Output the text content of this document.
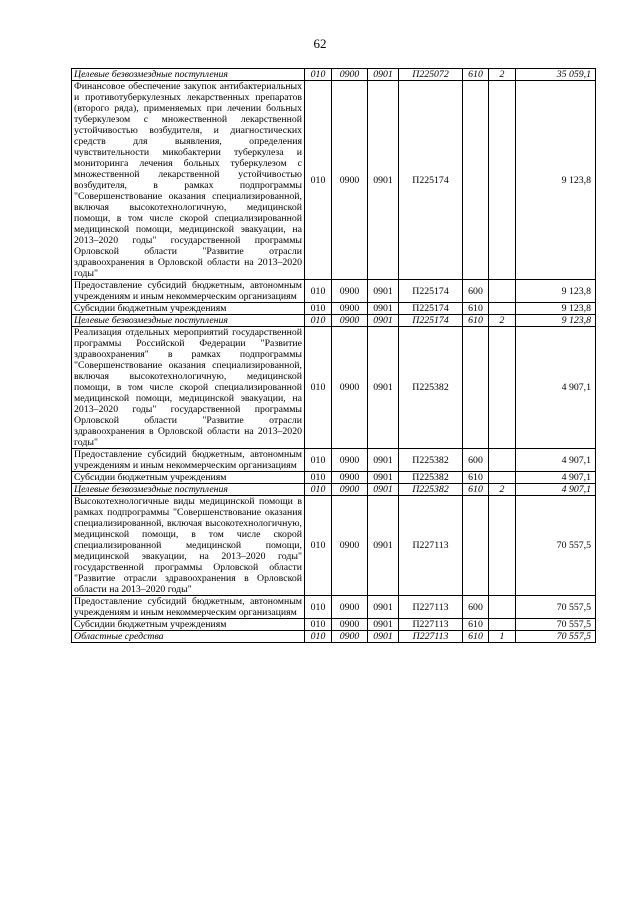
62
Целевые безвозмездные поступления	010	0900	0901	П225072	610	2	35 059,1
Финансовое обеспечение закупок антибактериальных и противотуберкулезных лекарственных препаратов (второго ряда), применяемых при лечении больных туберкулезом с множественной лекарственной устойчивостью возбудителя, и диагностических средств для выявления, определения чувствительности микобактерии туберкулеза и мониторинга лечения больных туберкулезом с множественной лекарственной устойчивостью возбудителя, в рамках подпрограммы "Совершенствование оказания специализированной, включая высокотехнологичную, медицинской помощи, в том числе скорой специализированной медицинской помощи, медицинской эвакуации, на 2013–2020 годы" государственной программы Орловской области "Развитие отрасли здравоохранения в Орловской области на 2013–2020 годы"	010	0900	0901	П225174			9 123,8
Предоставление субсидий бюджетным, автономным учреждениям и иным некоммерческим организациям	010	0900	0901	П225174	600		9 123,8
Субсидии бюджетным учреждениям	010	0900	0901	П225174	610		9 123,8
Целевые безвозмездные поступления	010	0900	0901	П225174	610	2	9 123,8
Реализация отдельных мероприятий государственной программы Российской Федерации "Развитие здравоохранения" в рамках подпрограммы "Совершенствование оказания специализированной, включая высокотехнологичную, медицинской помощи, в том числе скорой специализированной медицинской помощи, медицинской эвакуации, на 2013–2020 годы" государственной программы Орловской области "Развитие отрасли здравоохранения в Орловской области на 2013–2020 годы"	010	0900	0901	П225382			4 907,1
Предоставление субсидий бюджетным, автономным учреждениям и иным некоммерческим организациям	010	0900	0901	П225382	600		4 907,1
Субсидии бюджетным учреждениям	010	0900	0901	П225382	610		4 907,1
Целевые безвозмездные поступления	010	0900	0901	П225382	610	2	4 907,1
Высокотехнологичные виды медицинской помощи в рамках подпрограммы "Совершенствование оказания специализированной, включая высокотехнологичную, медицинской помощи, в том числе скорой специализированной медицинской помощи, медицинской эвакуации, на 2013–2020 годы" государственной программы Орловской области "Развитие отрасли здравоохранения в Орловской области на 2013–2020 годы"	010	0900	0901	П227113			70 557,5
Предоставление субсидий бюджетным, автономным учреждениям и иным некоммерческим организациям	010	0900	0901	П227113	600		70 557,5
Субсидии бюджетным учреждениям	010	0900	0901	П227113	610		70 557,5
Областные средства	010	0900	0901	П227113	610	1	70 557,5
